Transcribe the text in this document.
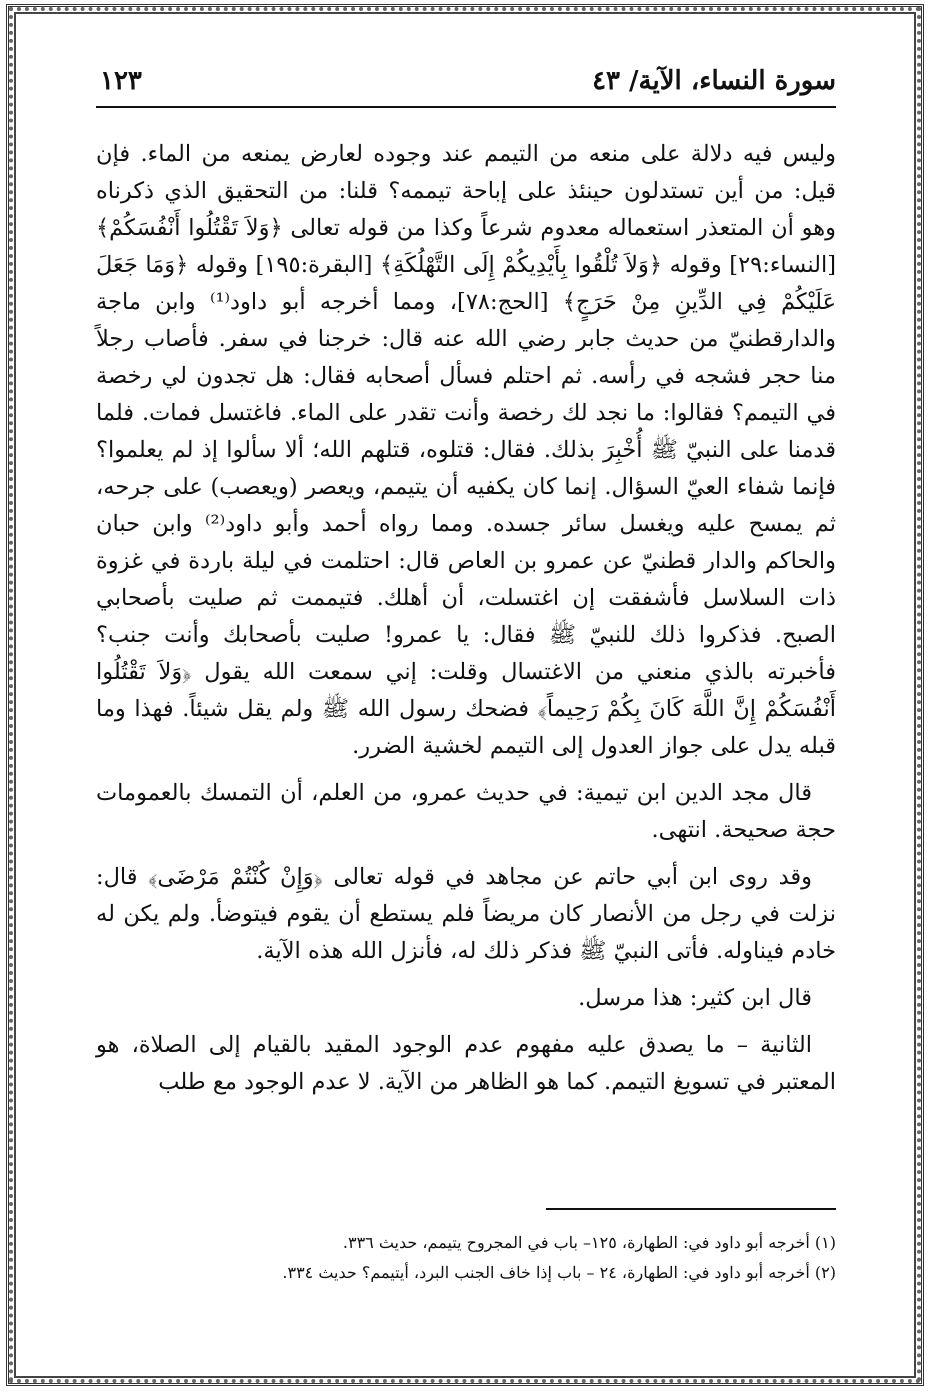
سورة النساء، الآية/ ٤٣
١٢٣

وليس فيه دلالة على منعه من التيمم عند وجوده لعارض يمنعه من الماء. فإن قيل: من أين تستدلون حينئذ على إباحة تيممه؟ قلنا: من التحقيق الذي ذكرناه وهو أن المتعذر استعماله معدوم شرعاً وكذا من قوله تعالى ﴿وَلاَ تَقْتُلُوا أَنْفُسَكُمْ﴾ [النساء:٢٩] وقوله ﴿وَلاَ تُلْقُوا بِأَيْدِيكُمْ إِلَى التَّهْلُكَةِ﴾ [البقرة:١٩٥] وقوله ﴿وَمَا جَعَلَ عَلَيْكُمْ فِي الدِّينِ مِنْ حَرَجٍ﴾ [الحج:٧٨]، ومما أخرجه أبو داود⁽¹⁾ وابن ماجة والدارقطنيّ من حديث جابر رضي الله عنه قال: خرجنا في سفر. فأصاب رجلاً منا حجر فشجه في رأسه. ثم احتلم فسأل أصحابه فقال: هل تجدون لي رخصة في التيمم؟ فقالوا: ما نجد لك رخصة وأنت تقدر على الماء. فاغتسل فمات. فلما قدمنا على النبيّ ﷺ أُخْبِرَ بذلك. فقال: قتلوه، قتلهم الله؛ ألا سألوا إذ لم يعلموا؟ فإنما شفاء العيّ السؤال. إنما كان يكفيه أن يتيمم، ويعصر (ويعصب) على جرحه، ثم يمسح عليه ويغسل سائر جسده. ومما رواه أحمد وأبو داود⁽²⁾ وابن حبان والحاكم والدار قطنيّ عن عمرو بن العاص قال: احتلمت في ليلة باردة في غزوة ذات السلاسل فأشفقت إن اغتسلت، أن أهلك. فتيممت ثم صليت بأصحابي الصبح. فذكروا ذلك للنبيّ ﷺ فقال: يا عمرو! صليت بأصحابك وأنت جنب؟ فأخبرته بالذي منعني من الاغتسال وقلت: إني سمعت الله يقول ﴿وَلاَ تَقْتُلُوا أَنْفُسَكُمْ إِنَّ اللَّهَ كَانَ بِكُمْ رَحِيماً﴾ فضحك رسول الله ﷺ ولم يقل شيئاً. فهذا وما قبله يدل على جواز العدول إلى التيمم لخشية الضرر.

قال مجد الدين ابن تيمية: في حديث عمرو، من العلم، أن التمسك بالعمومات حجة صحيحة. انتهى.

وقد روى ابن أبي حاتم عن مجاهد في قوله تعالى ﴿وَإِنْ كُنْتُمْ مَرْضَى﴾ قال: نزلت في رجل من الأنصار كان مريضاً فلم يستطع أن يقوم فيتوضأ. ولم يكن له خادم فيناوله. فأتى النبيّ ﷺ فذكر ذلك له، فأنزل الله هذه الآية.

قال ابن كثير: هذا مرسل.

الثانية – ما يصدق عليه مفهوم عدم الوجود المقيد بالقيام إلى الصلاة، هو المعتبر في تسويغ التيمم. كما هو الظاهر من الآية. لا عدم الوجود مع طلب

(١) أخرجه أبو داود في: الطهارة، ١٢٥– باب في المجروح يتيمم، حديث ٣٣٦.

(٢) أخرجه أبو داود في: الطهارة، ٢٤ – باب إذا خاف الجنب البرد، أيتيمم؟ حديث ٣٣٤.
